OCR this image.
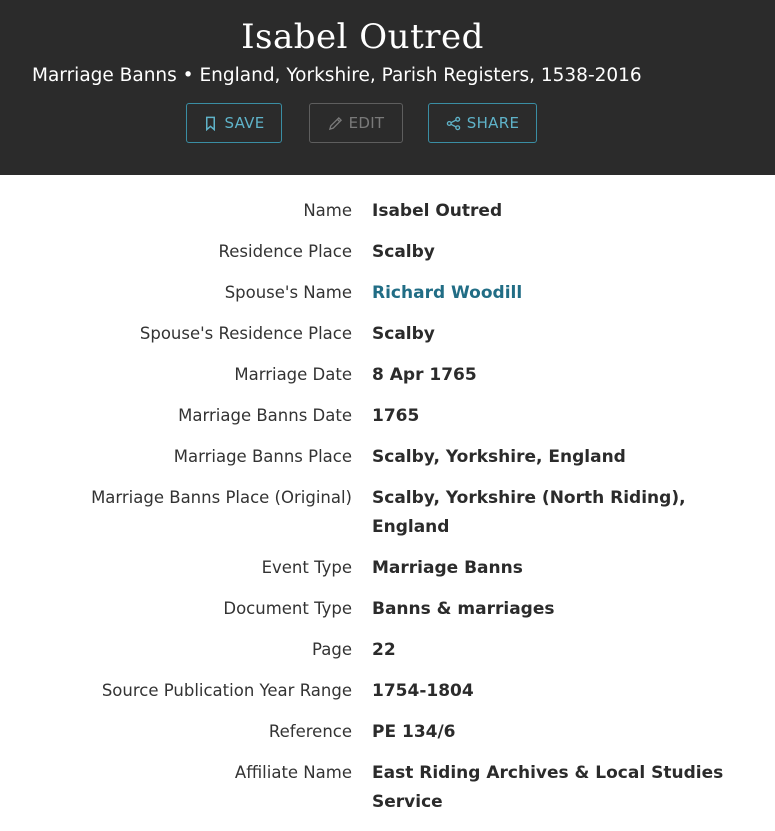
Isabel Outred
Marriage Banns • England, Yorkshire, Parish Registers, 1538-2016
SAVE	EDIT	SHARE
Name Isabel Outred
Residence Place Scalby
Spouse's Name Richard Woodill
Spouse's Residence Place Scalby
Marriage Date 8 Apr 1765
Marriage Banns Date 1765
Marriage Banns Place Scalby, Yorkshire, England
Marriage Banns Place (Original) Scalby, Yorkshire (North Riding), England
Event Type Marriage Banns
Document Type Banns & marriages
Page 22
Source Publication Year Range 1754-1804
Reference PE 134/6
Affiliate Name East Riding Archives & Local Studies Service
